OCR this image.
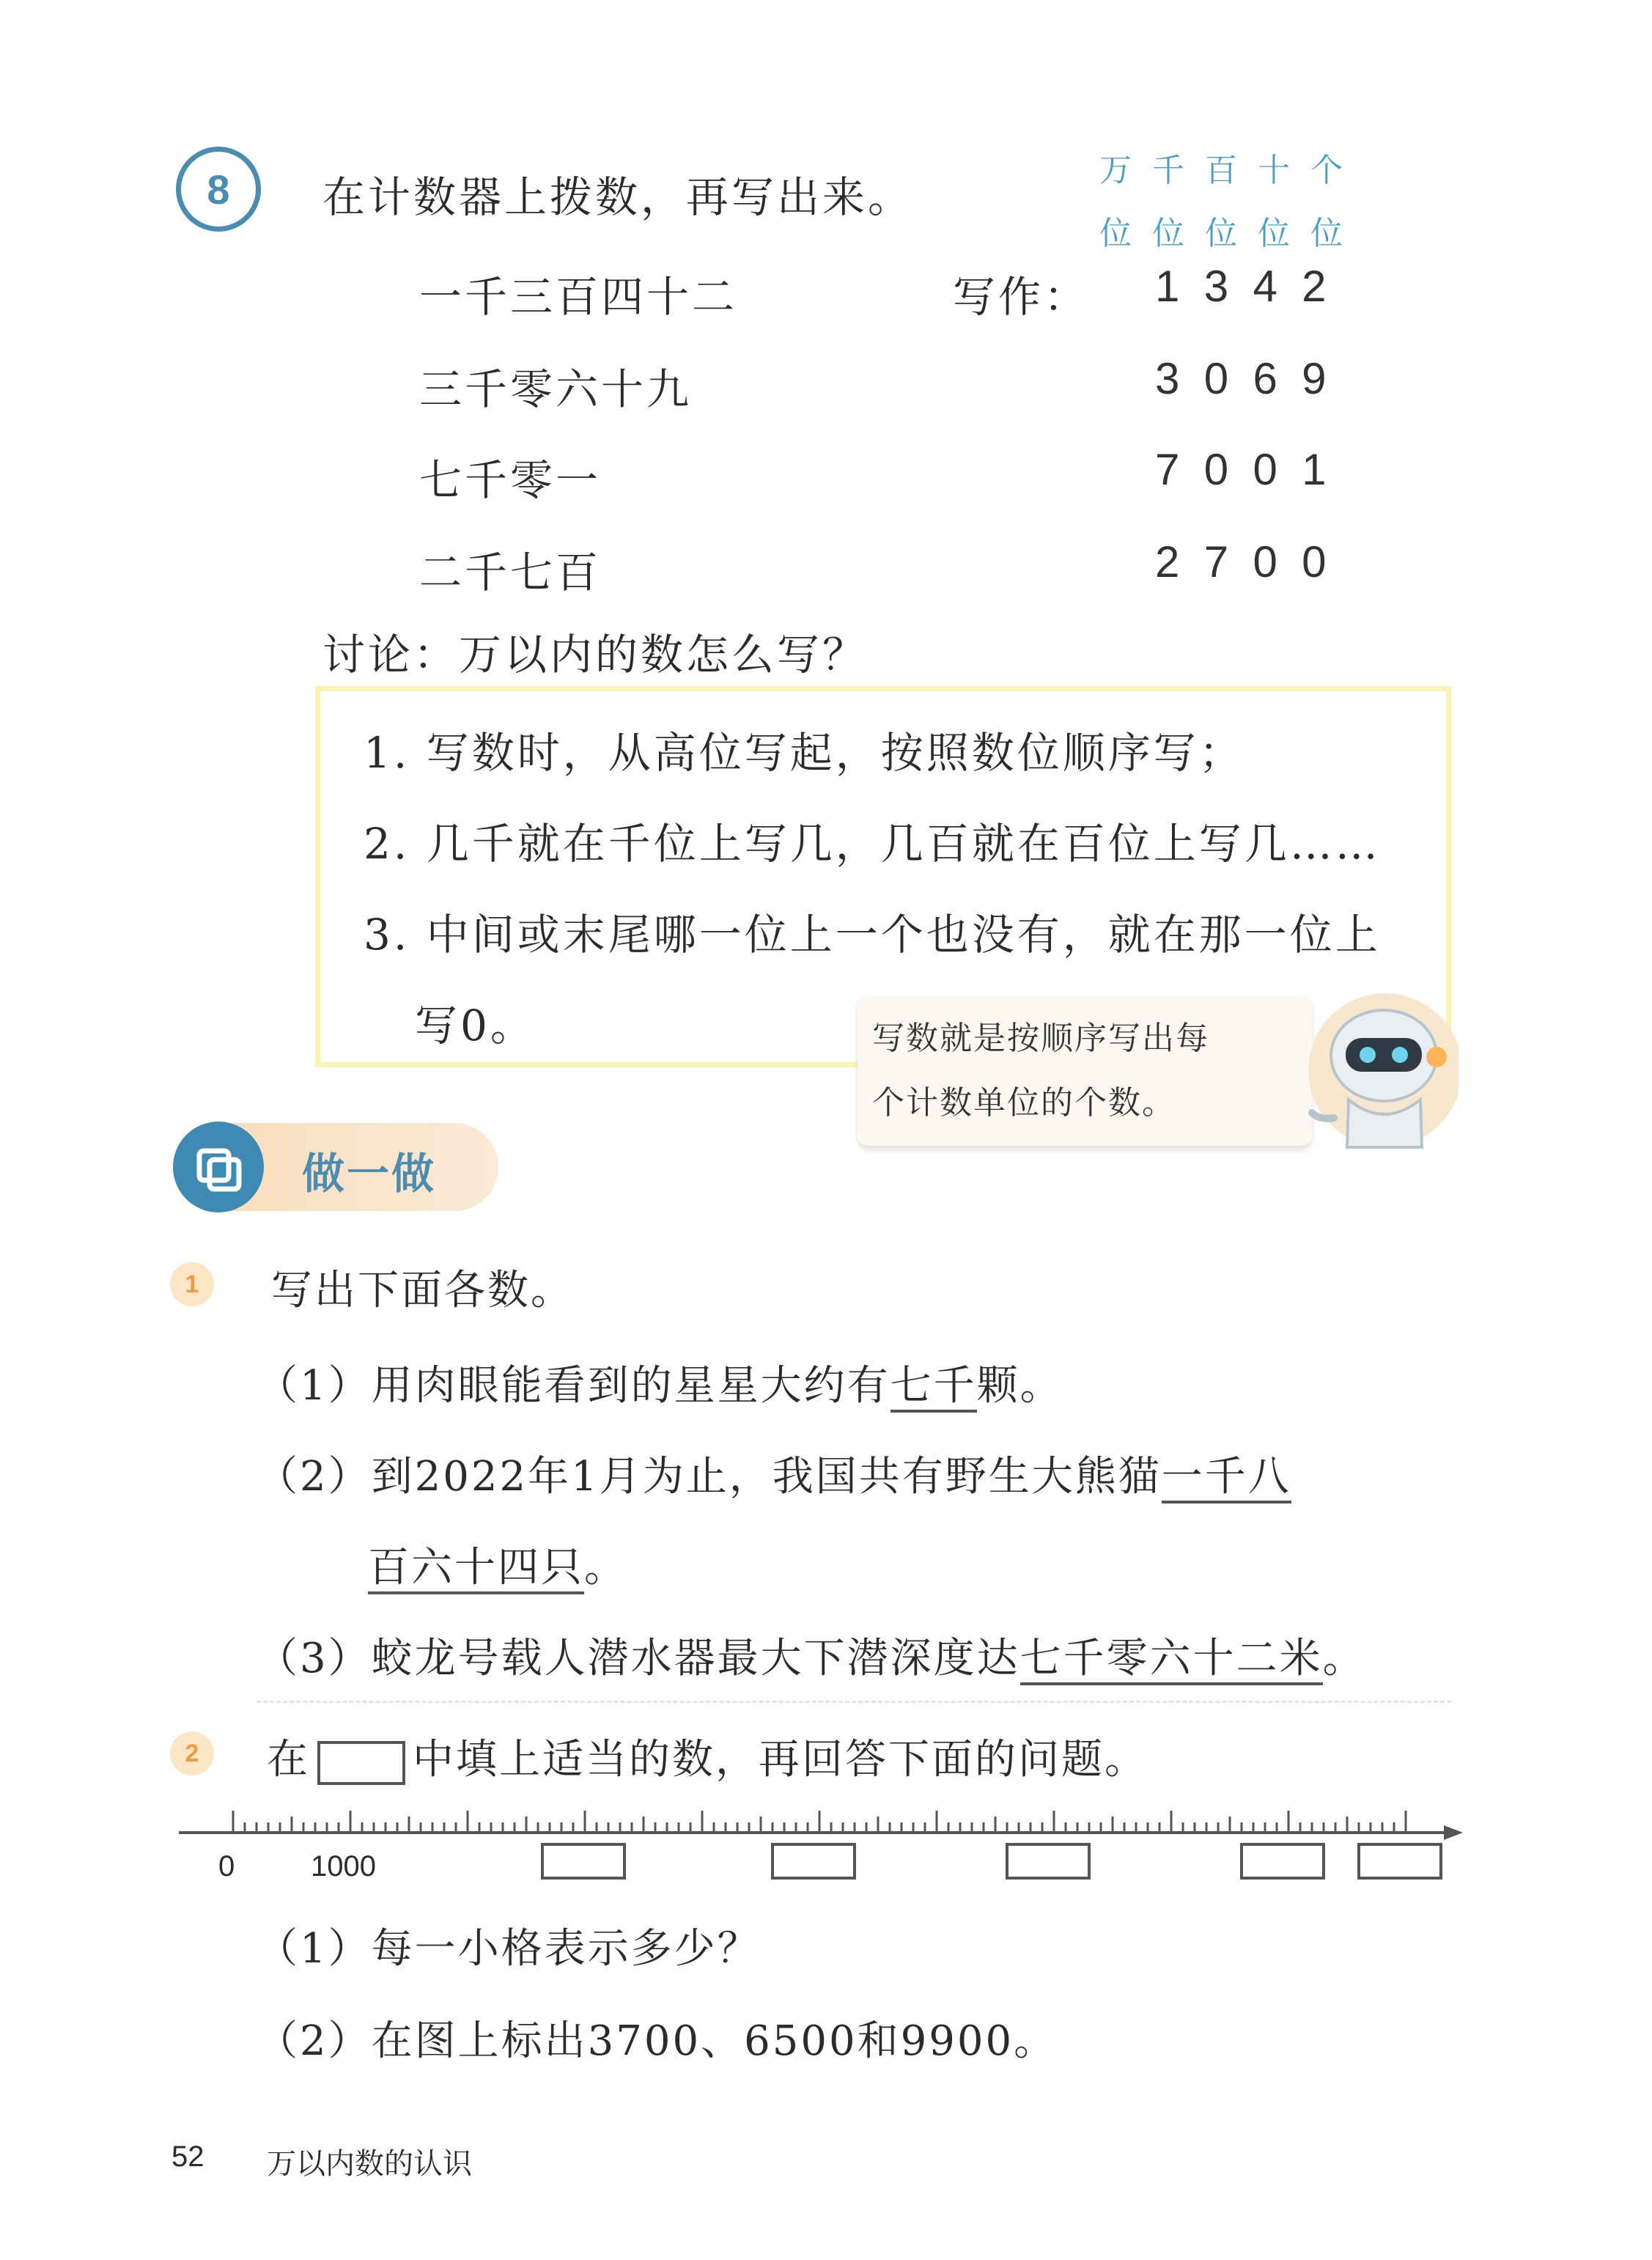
8	在计数器上拨数，再写出来。
万 千 百 十 个
位 位 位 位 位
一千三百四十二	写作： 1 3 4 2
三千零六十九	3 0 6 9
七千零一	7 0 0 1
二千七百	2 7 0 0
讨论：万以内的数怎么写？
1. 写数时，从高位写起，按照数位顺序写；
2. 几千就在千位上写几，几百就在百位上写几……
3. 中间或末尾哪一位上一个也没有，就在那一位上
写0。	写数就是按顺序写出每
个计数单位的个数。
做一做
1	写出下面各数。
（1）用肉眼能看到的星星大约有七千颗。
（2）到2022年1月为止，我国共有野生大熊猫一千八
百六十四只。
（3）蛟龙号载人潜水器最大下潜深度达七千零六十二米。
2	在	中填上适当的数，再回答下面的问题。
0	1000
（1）每一小格表示多少？
（2）在图上标出3700、6500和9900。
52 万以内数的认识
